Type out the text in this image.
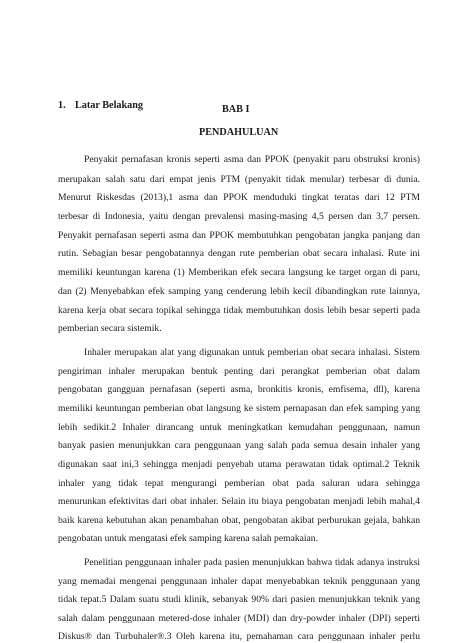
1. Latar Belakang	BAB I
PENDAHULUAN
Penyakit pernafasan kronis seperti asma dan PPOK (penyakit paru obstruksi kronis)
merupakan salah satu dari empat jenis PTM (penyakit tidak menular) terbesar di dunia.
Menurut Riskesdas (2013),1 asma dan PPOK menduduki tingkat teratas dari 12 PTM
terbesar di Indonesia, yaitu dengan prevalensi masing-masing 4,5 persen dan 3,7 persen.
Penyakit pernafasan seperti asma dan PPOK membutuhkan pengobatan jangka panjang dan
rutin. Sebagian besar pengobatannya dengan rute pemberian obat secara inhalasi. Rute ini
memiliki keuntungan karena (1) Memberikan efek secara langsung ke target organ di paru,
dan (2) Menyebabkan efek samping yang cenderung lebih kecil dibandingkan rute lainnya,
karena kerja obat secara topikal sehingga tidak membutuhkan dosis lebih besar seperti pada
pemberian secara sistemik.
Inhaler merupakan alat yang digunakan untuk pemberian obat secara inhalasi. Sistem
pengiriman inhaler merupakan bentuk penting dari perangkat pemberian obat dalam
pengobatan gangguan pernafasan (seperti asma, bronkitis kronis, emfisema, dll), karena
memiliki keuntungan pemberian obat langsung ke sistem pernapasan dan efek samping yang
lebih sedikit.2 Inhaler dirancang untuk meningkatkan kemudahan penggunaan, namun
banyak pasien menunjukkan cara penggunaan yang salah pada semua desain inhaler yang
digunakan saat ini,3 sehingga menjadi penyebab utama perawatan tidak optimal.2 Teknik
inhaler yang tidak tepat mengurangi pemberian obat pada saluran udara sehingga
menurunkan efektivitas dari obat inhaler. Selain itu biaya pengobatan menjadi lebih mahal,4
baik karena kebutuhan akan penambahan obat, pengobatan akibat perburukan gejala, bahkan
pengobatan untuk mengatasi efek samping karena salah pemakaian.
Penelitian penggunaan inhaler pada pasien menunjukkan bahwa tidak adanya instruksi
yang memadai mengenai penggunaan inhaler dapat menyebabkan teknik penggunaan yang
tidak tepat.5 Dalam suatu studi klinik, sebanyak 90% dari pasien menunjukkan teknik yang
salah dalam penggunaan metered-dose inhaler (MDI) dan dry-powder inhaler (DPI) seperti
Diskus® dan Turbuhaler®.3 Oleh karena itu, pemahaman cara penggunaan inhaler perlu
